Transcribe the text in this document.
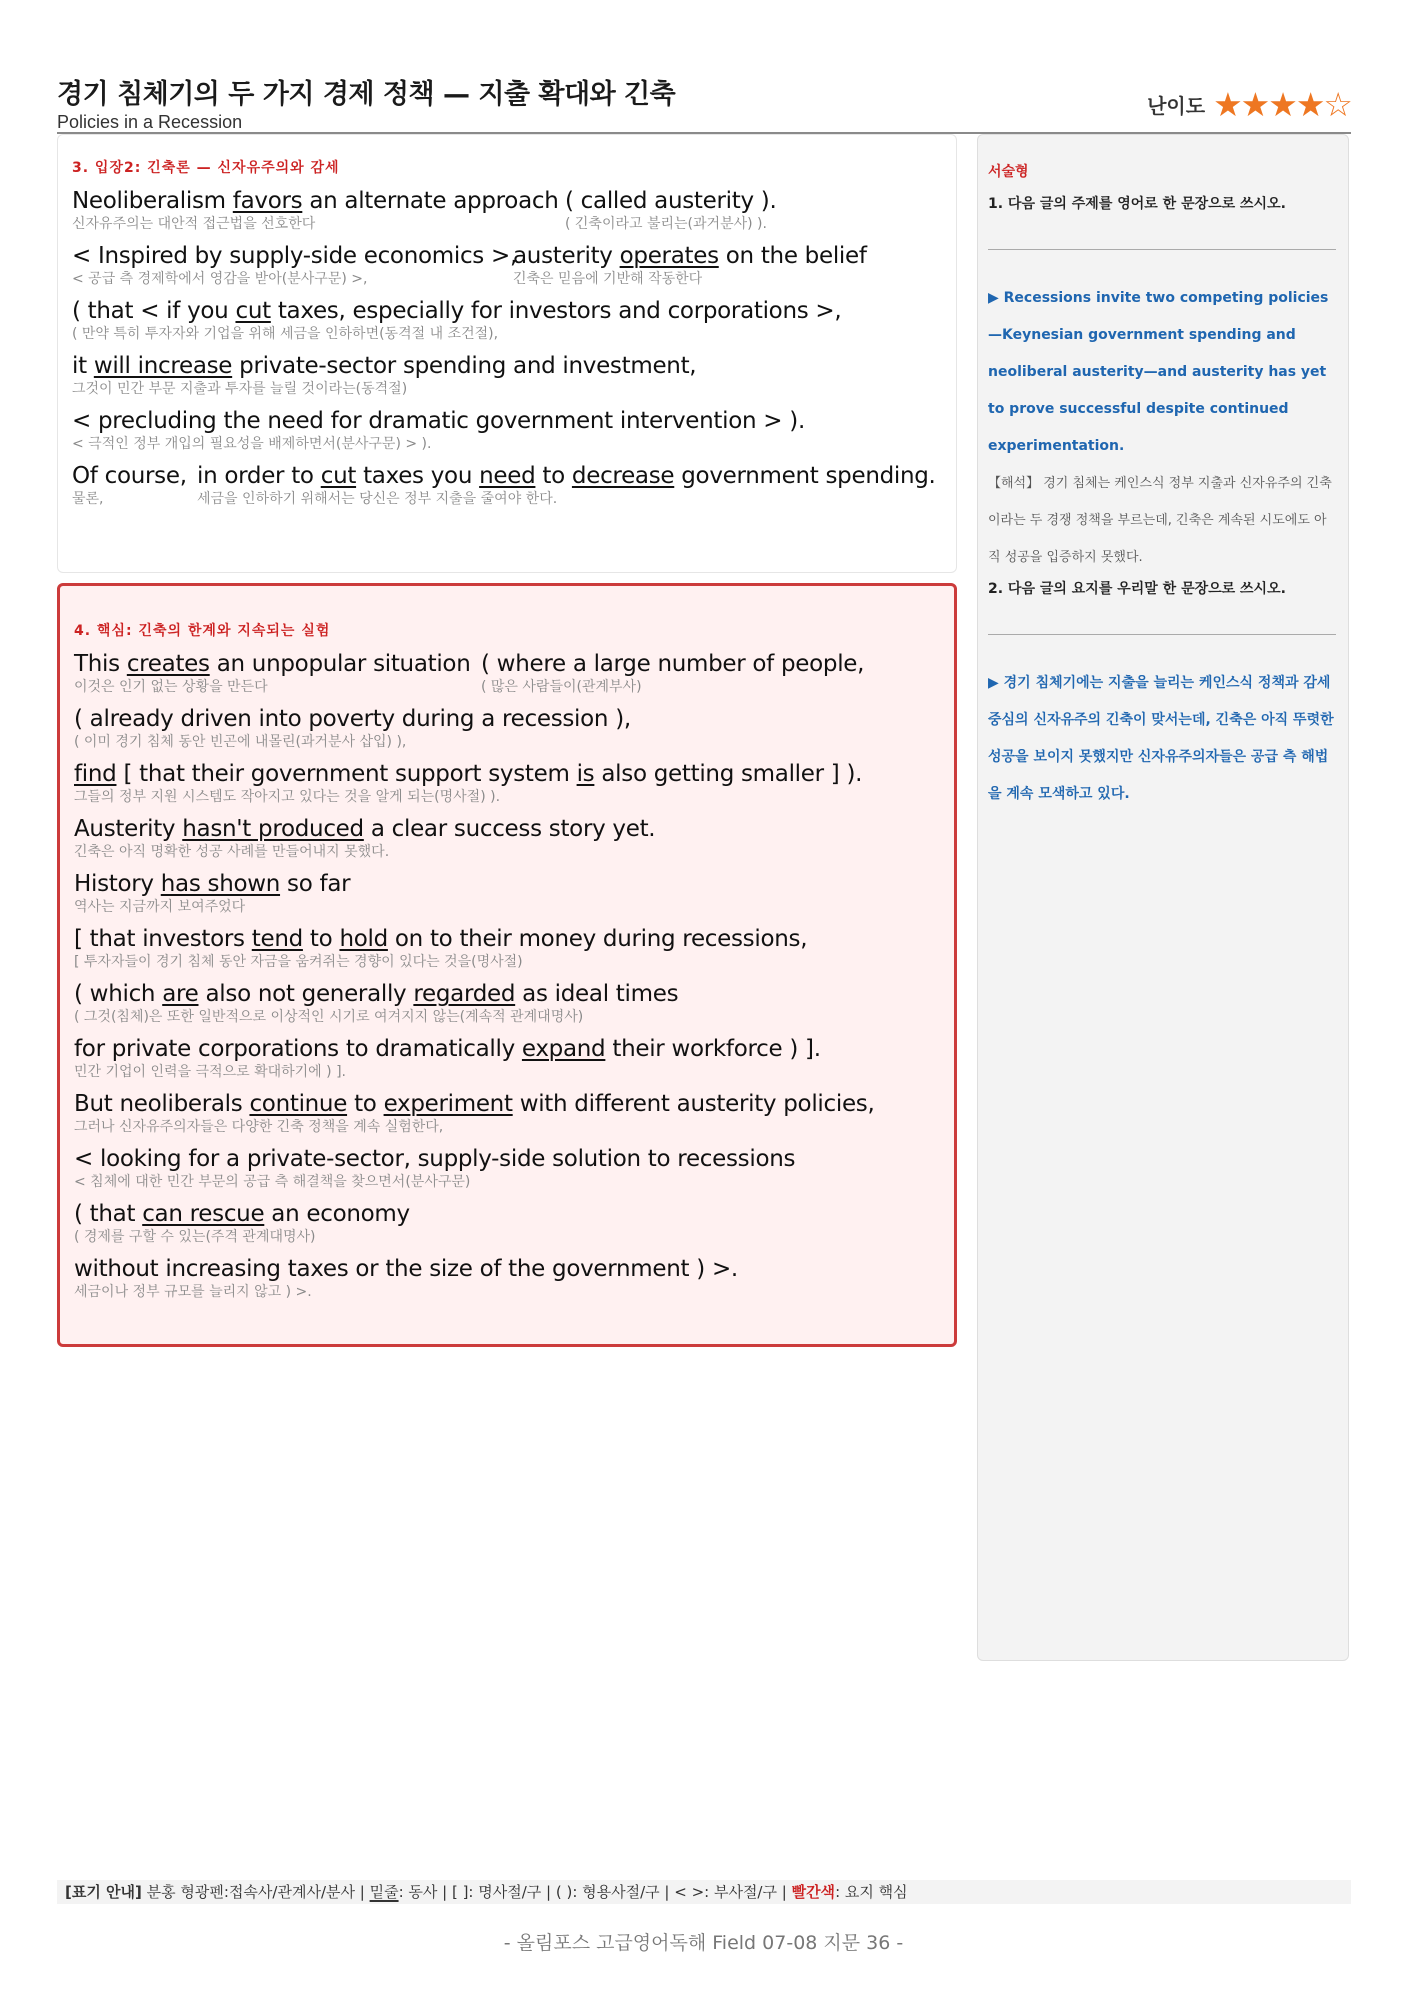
경기 침체기의 두 가지 경제 정책 — 지출 확대와 긴축
Policies in a Recession
난이도 ★★★★☆
3. 입장2: 긴축론 — 신자유주의와 감세
Neoliberalism favors an alternate approach
신자유주의는 대안적 접근법을 선호한다
( called austerity ).
( 긴축이라고 불리는(과거분사) ).
< Inspired by supply-side economics >,
< 공급 측 경제학에서 영감을 받아(분사구문) >,
austerity operates on the belief
긴축은 믿음에 기반해 작동한다
( that < if you cut taxes, especially for investors and corporations >,
( 만약 특히 투자자와 기업을 위해 세금을 인하하면(동격절 내 조건절),
it will increase private-sector spending and investment,
그것이 민간 부문 지출과 투자를 늘릴 것이라는(동격절)
< precluding the need for dramatic government intervention > ).
< 극적인 정부 개입의 필요성을 배제하면서(분사구문) > ).
Of course,
물론,
in order to cut taxes you need to decrease government spending.
세금을 인하하기 위해서는 당신은 정부 지출을 줄여야 한다.
4. 핵심: 긴축의 한계와 지속되는 실험
This creates an unpopular situation
이것은 인기 없는 상황을 만든다
( where a large number of people,
( 많은 사람들이(관계부사)
( already driven into poverty during a recession ),
( 이미 경기 침체 동안 빈곤에 내몰린(과거분사 삽입) ),
find [ that their government support system is also getting smaller ] ).
그들의 정부 지원 시스템도 작아지고 있다는 것을 알게 되는(명사절) ).
Austerity hasn't produced a clear success story yet.
긴축은 아직 명확한 성공 사례를 만들어내지 못했다.
History has shown so far
역사는 지금까지 보여주었다
[ that investors tend to hold on to their money during recessions,
[ 투자자들이 경기 침체 동안 자금을 움켜쥐는 경향이 있다는 것을(명사절)
( which are also not generally regarded as ideal times
( 그것(침체)은 또한 일반적으로 이상적인 시기로 여겨지지 않는(계속적 관계대명사)
for private corporations to dramatically expand their workforce ) ].
민간 기업이 인력을 극적으로 확대하기에 ) ].
But neoliberals continue to experiment with different austerity policies,
그러나 신자유주의자들은 다양한 긴축 정책을 계속 실험한다,
< looking for a private-sector, supply-side solution to recessions
< 침체에 대한 민간 부문의 공급 측 해결책을 찾으면서(분사구문)
( that can rescue an economy
( 경제를 구할 수 있는(주격 관계대명사)
without increasing taxes or the size of the government ) >.
세금이나 정부 규모를 늘리지 않고 ) >.
서술형
1. 다음 글의 주제를 영어로 한 문장으로 쓰시오.
▶ Recessions invite two competing policies—Keynesian government spending and neoliberal austerity—and austerity has yet to prove successful despite continued experimentation.
【해석】 경기 침체는 케인스식 정부 지출과 신자유주의 긴축이라는 두 경쟁 정책을 부르는데, 긴축은 계속된 시도에도 아직 성공을 입증하지 못했다.
2. 다음 글의 요지를 우리말 한 문장으로 쓰시오.
▶ 경기 침체기에는 지출을 늘리는 케인스식 정책과 감세 중심의 신자유주의 긴축이 맞서는데, 긴축은 아직 뚜렷한 성공을 보이지 못했지만 신자유주의자들은 공급 측 해법을 계속 모색하고 있다.
[표기 안내] 분홍 형광펜:접속사/관계사/분사 | 밑줄: 동사 | [ ]: 명사절/구 | ( ): 형용사절/구 | < >: 부사절/구 | 빨간색: 요지 핵심
- 올림포스 고급영어독해 Field 07-08 지문 36 -
